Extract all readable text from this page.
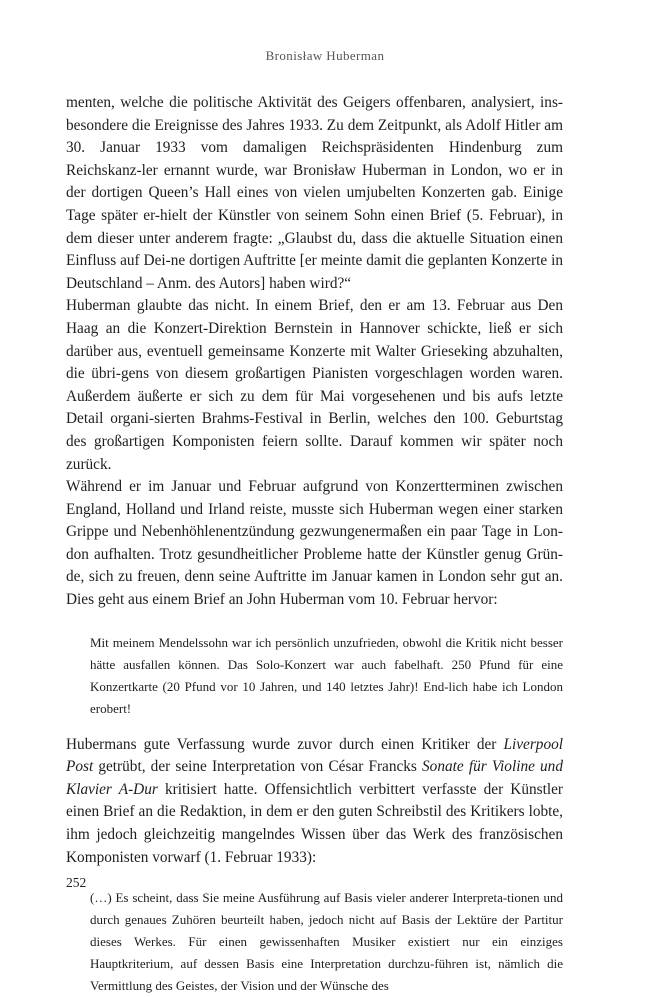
Bronisław Huberman

menten, welche die politische Aktivität des Geigers offenbaren, analysiert, ins-besondere die Ereignisse des Jahres 1933. Zu dem Zeitpunkt, als Adolf Hitler am 30. Januar 1933 vom damaligen Reichspräsidenten Hindenburg zum Reichskanz-ler ernannt wurde, war Bronisław Huberman in London, wo er in der dortigen Queen’s Hall eines von vielen umjubelten Konzerten gab. Einige Tage später er-hielt der Künstler von seinem Sohn einen Brief (5. Februar), in dem dieser unter anderem fragte: „Glaubst du, dass die aktuelle Situation einen Einfluss auf Dei-ne dortigen Auftritte [er meinte damit die geplanten Konzerte in Deutschland – Anm. des Autors] haben wird?“

Huberman glaubte das nicht. In einem Brief, den er am 13. Februar aus Den Haag an die Konzert-Direktion Bernstein in Hannover schickte, ließ er sich darüber aus, eventuell gemeinsame Konzerte mit Walter Grieseking abzuhalten, die übri-gens von diesem großartigen Pianisten vorgeschlagen worden waren. Außerdem äußerte er sich zu dem für Mai vorgesehenen und bis aufs letzte Detail organi-sierten Brahms-Festival in Berlin, welches den 100. Geburtstag des großartigen Komponisten feiern sollte. Darauf kommen wir später noch zurück.

Während er im Januar und Februar aufgrund von Konzertterminen zwischen England, Holland und Irland reiste, musste sich Huberman wegen einer starken Grippe und Nebenhöhlenentzündung gezwungenermaßen ein paar Tage in Lon-don aufhalten. Trotz gesundheitlicher Probleme hatte der Künstler genug Grün-de, sich zu freuen, denn seine Auftritte im Januar kamen in London sehr gut an. Dies geht aus einem Brief an John Huberman vom 10. Februar hervor:

Mit meinem Mendelssohn war ich persönlich unzufrieden, obwohl die Kritik nicht besser hätte ausfallen können. Das Solo-Konzert war auch fabelhaft. 250 Pfund für eine Konzertkarte (20 Pfund vor 10 Jahren, und 140 letztes Jahr)! End-lich habe ich London erobert!

Hubermans gute Verfassung wurde zuvor durch einen Kritiker der Liverpool Post getrübt, der seine Interpretation von César Francks Sonate für Violine und Klavier A-Dur kritisiert hatte. Offensichtlich verbittert verfasste der Künstler einen Brief an die Redaktion, in dem er den guten Schreibstil des Kritikers lobte, ihm jedoch gleichzeitig mangelndes Wissen über das Werk des französischen Komponisten vorwarf (1. Februar 1933):

(…) Es scheint, dass Sie meine Ausführung auf Basis vieler anderer Interpreta-tionen und durch genaues Zuhören beurteilt haben, jedoch nicht auf Basis der Lektüre der Partitur dieses Werkes. Für einen gewissenhaften Musiker existiert nur ein einziges Hauptkriterium, auf dessen Basis eine Interpretation durchzu-führen ist, nämlich die Vermittlung des Geistes, der Vision und der Wünsche des

252
